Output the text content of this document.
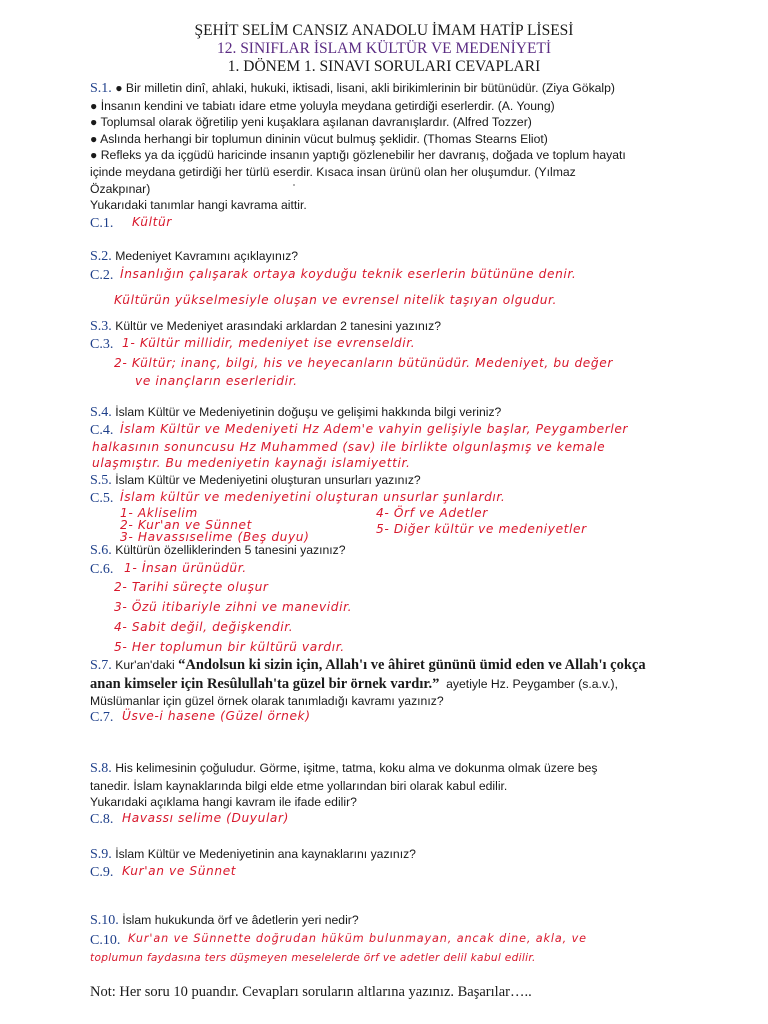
ŞEHİT SELİM CANSIZ ANADOLU İMAM HATİP LİSESİ
12. SINIFLAR İSLAM KÜLTÜR VE MEDENİYETİ
1. DÖNEM 1. SINAVI SORULARI CEVAPLARI
S.1. ● Bir milletin dinî, ahlaki, hukuki, iktisadi, lisani, akli birikimlerinin bir bütünüdür. (Ziya Gökalp)
● İnsanın kendini ve tabiatı idare etme yoluyla meydana getirdiği eserlerdir. (A. Young)
● Toplumsal olarak öğretilip yeni kuşaklara aşılanan davranışlardır. (Alfred Tozzer)
● Aslında herhangi bir toplumun dininin vücut bulmuş şeklidir. (Thomas Stearns Eliot)
● Refleks ya da içgüdü haricinde insanın yaptığı gözlenebilir her davranış, doğada ve toplum hayatı
içinde meydana getirdiği her türlü eserdir. Kısaca insan ürünü olan her oluşumdur. (Yılmaz
Özakpınar)
Yukarıdaki tanımlar hangi kavrama aittir.
C.1. Kültür
S.2. Medeniyet Kavramını açıklayınız?
C.2. İnsanlığın çalışarak ortaya koyduğu teknik eserlerin bütününe denir.
Kültürün yükselmesiyle oluşan ve evrensel nitelik taşıyan olgudur.
S.3. Kültür ve Medeniyet arasındaki arklardan 2 tanesini yazınız?
C.3. 1- Kültür millidir, medeniyet ise evrenseldir.
2- Kültür; inanç, bilgi, his ve heyecanların bütünüdür. Medeniyet, bu değer
ve inançların eserleridir.
S.4. İslam Kültür ve Medeniyetinin doğuşu ve gelişimi hakkında bilgi veriniz?
C.4. İslam Kültür ve Medeniyeti Hz Adem'e vahyin gelişiyle başlar, Peygamberler
halkasının sonuncusu Hz Muhammed (sav) ile birlikte olgunlaşmış ve kemale
ulaşmıştır. Bu medeniyetin kaynağı islamiyettir.
S.5. İslam Kültür ve Medeniyetini oluşturan unsurları yazınız?
C.5. İslam kültür ve medeniyetini oluşturan unsurlar şunlardır.
1- Akliselim
2- Kur'an ve Sünnet
3- Havassıselime (Beş duyu)
4- Örf ve Adetler
5- Diğer kültür ve medeniyetler
S.6. Kültürün özelliklerinden 5 tanesini yazınız?
C.6. 1- İnsan ürünüdür.
2- Tarihi süreçte oluşur
3- Özü itibariyle zihni ve manevidir.
4- Sabit değil, değişkendir.
5- Her toplumun bir kültürü vardır.
S.7. Kur'an'daki “Andolsun ki sizin için, Allah'ı ve âhiret gününü ümid eden ve Allah'ı çokça
anan kimseler için Resûlullah'ta güzel bir örnek vardır.” ayetiyle Hz. Peygamber (s.a.v.),
Müslümanlar için güzel örnek olarak tanımladığı kavramı yazınız?
C.7. Üsve-i hasene (Güzel örnek)
S.8. His kelimesinin çoğuludur. Görme, işitme, tatma, koku alma ve dokunma olmak üzere beş
tanedir. İslam kaynaklarında bilgi elde etme yollarından biri olarak kabul edilir.
Yukarıdaki açıklama hangi kavram ile ifade edilir?
C.8. Havassı selime (Duyular)
S.9. İslam Kültür ve Medeniyetinin ana kaynaklarını yazınız?
C.9. Kur'an ve Sünnet
S.10. İslam hukukunda örf ve âdetlerin yeri nedir?
C.10. Kur'an ve Sünnette doğrudan hüküm bulunmayan, ancak dine, akla, ve
toplumun faydasına ters düşmeyen meselelerde örf ve adetler delil kabul edilir.
Not: Her soru 10 puandır. Cevapları soruların altlarına yazınız. Başarılar…..
